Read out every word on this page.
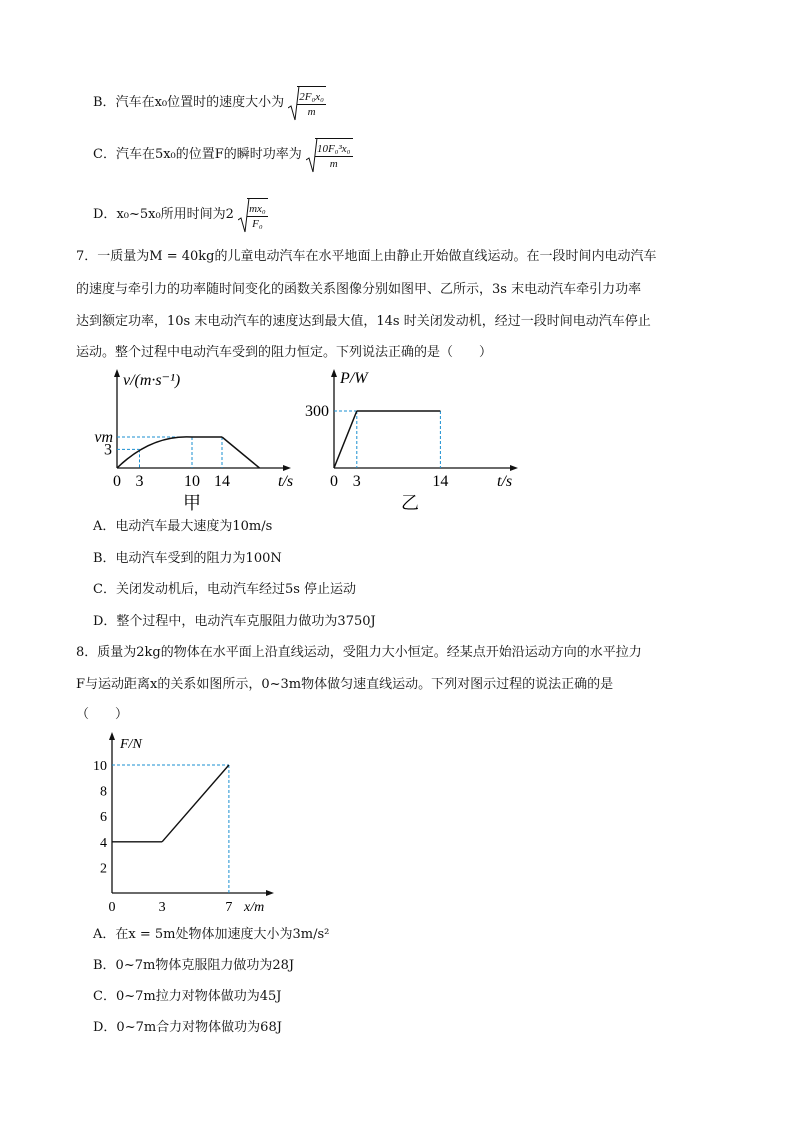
B．汽车在x₀位置时的速度大小为 $\frac{\text{2F₀x₀}}{m}$
C．汽车在5x₀的位置F的瞬时功率为 $\frac{\text{10F₀³x₀}}{m}$
D．x₀~5x₀所用时间为$2 \frac{\text{mx₀}}{\text{F₀}}$
7．一质量为M = 40kg的儿童电动汽车在水平地面上由静止开始做直线运动。在一段时间内电动汽车
的速度与牵引力的功率随时间变化的函数关系图像分别如图甲、乙所示，3s 末电动汽车牵引力功率
达到额定功率，10s 末电动汽车的速度达到最大值，14s 时关闭发动机，经过一段时间电动汽车停止
运动。整个过程中电动汽车受到的阻力恒定。下列说法正确的是（　　）
0 3	10 14
3
vm
v/(m·s⁻¹)
t/s
甲
0 3	14
300
P/W
t/s
乙
A．电动汽车最大速度为10m/s
B．电动汽车受到的阻力为100N
C．关闭发动机后，电动汽车经过5s 停止运动
D．整个过程中，电动汽车克服阻力做功为3750J
8．质量为2kg的物体在水平面上沿直线运动，受阻力大小恒定。经某点开始沿运动方向的水平拉力
F与运动距离x的关系如图所示，0~3m物体做匀速直线运动。下列对图示过程的说法正确的是
（　　）
2
4
6
8
10
0	3	7
F/N
x/m
A．在x = 5m处物体加速度大小为3m/s²
B．0~7m物体克服阻力做功为28J
C．0~7m拉力对物体做功为45J
D．0~7m合力对物体做功为68J
